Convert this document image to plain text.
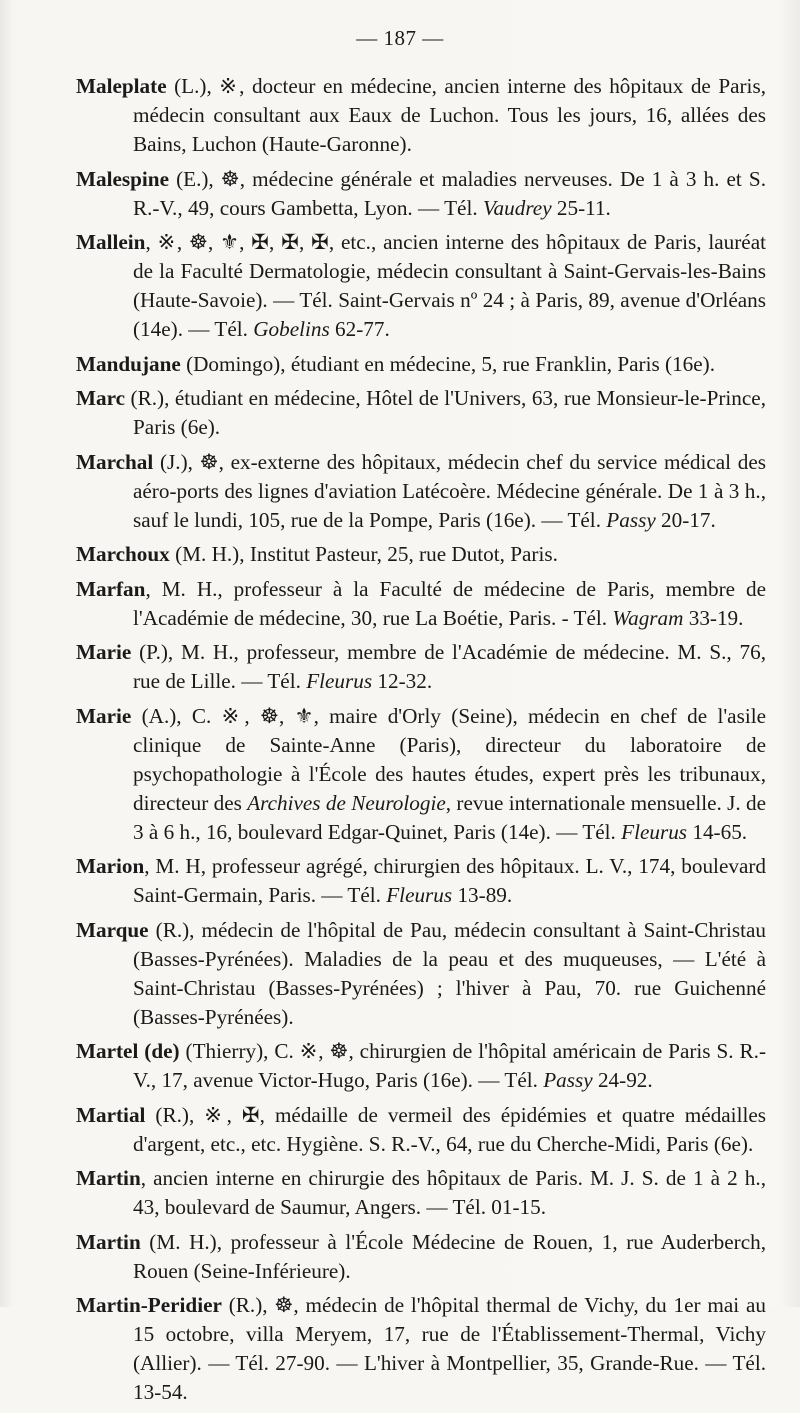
— 187 —

Maleplate (L.), ※, docteur en médecine, ancien interne des hôpitaux de Paris, médecin consultant aux Eaux de Luchon. Tous les jours, 16, allées des Bains, Luchon (Haute-Garonne).

Malespine (E.), ☸, médecine générale et maladies nerveuses. De 1 à 3 h. et S. R.-V., 49, cours Gambetta, Lyon. — Tél. Vaudrey 25-11.

Mallein, ※, ☸, ⚜, ✠, ✠, ✠, etc., ancien interne des hôpitaux de Paris, lauréat de la Faculté Dermatologie, médecin consultant à Saint-Gervais-les-Bains (Haute-Savoie). — Tél. Saint-Gervais nº 24 ; à Paris, 89, avenue d'Orléans (14e). — Tél. Gobelins 62-77.

Mandujane (Domingo), étudiant en médecine, 5, rue Franklin, Paris (16e).

Marc (R.), étudiant en médecine, Hôtel de l'Univers, 63, rue Monsieur-le-Prince, Paris (6e).

Marchal (J.), ☸, ex-externe des hôpitaux, médecin chef du service médical des aéro-ports des lignes d'aviation Latécoère. Médecine générale. De 1 à 3 h., sauf le lundi, 105, rue de la Pompe, Paris (16e). — Tél. Passy 20-17.

Marchoux (M. H.), Institut Pasteur, 25, rue Dutot, Paris.

Marfan, M. H., professeur à la Faculté de médecine de Paris, membre de l'Académie de médecine, 30, rue La Boétie, Paris. - Tél. Wagram 33-19.

Marie (P.), M. H., professeur, membre de l'Académie de médecine. M. S., 76, rue de Lille. — Tél. Fleurus 12-32.

Marie (A.), C. ※, ☸, ⚜, maire d'Orly (Seine), médecin en chef de l'asile clinique de Sainte-Anne (Paris), directeur du laboratoire de psychopathologie à l'École des hautes études, expert près les tribunaux, directeur des Archives de Neurologie, revue internationale mensuelle. J. de 3 à 6 h., 16, boulevard Edgar-Quinet, Paris (14e). — Tél. Fleurus 14-65.

Marion, M. H, professeur agrégé, chirurgien des hôpitaux. L. V., 174, boulevard Saint-Germain, Paris. — Tél. Fleurus 13-89.

Marque (R.), médecin de l'hôpital de Pau, médecin consultant à Saint-Christau (Basses-Pyrénées). Maladies de la peau et des muqueuses, — L'été à Saint-Christau (Basses-Pyrénées) ; l'hiver à Pau, 70. rue Guichenné (Basses-Pyrénées).

Martel (de) (Thierry), C. ※, ☸, chirurgien de l'hôpital américain de Paris S. R.-V., 17, avenue Victor-Hugo, Paris (16e). — Tél. Passy 24-92.

Martial (R.), ※, ✠, médaille de vermeil des épidémies et quatre médailles d'argent, etc., etc. Hygiène. S. R.-V., 64, rue du Cherche-Midi, Paris (6e).

Martin, ancien interne en chirurgie des hôpitaux de Paris. M. J. S. de 1 à 2 h., 43, boulevard de Saumur, Angers. — Tél. 01-15.

Martin (M. H.), professeur à l'École Médecine de Rouen, 1, rue Auderberch, Rouen (Seine-Inférieure).

Martin-Peridier (R.), ☸, médecin de l'hôpital thermal de Vichy, du 1er mai au 15 octobre, villa Meryem, 17, rue de l'Établissement-Thermal, Vichy (Allier). — Tél. 27-90. — L'hiver à Montpellier, 35, Grande-Rue. — Tél. 13-54.
